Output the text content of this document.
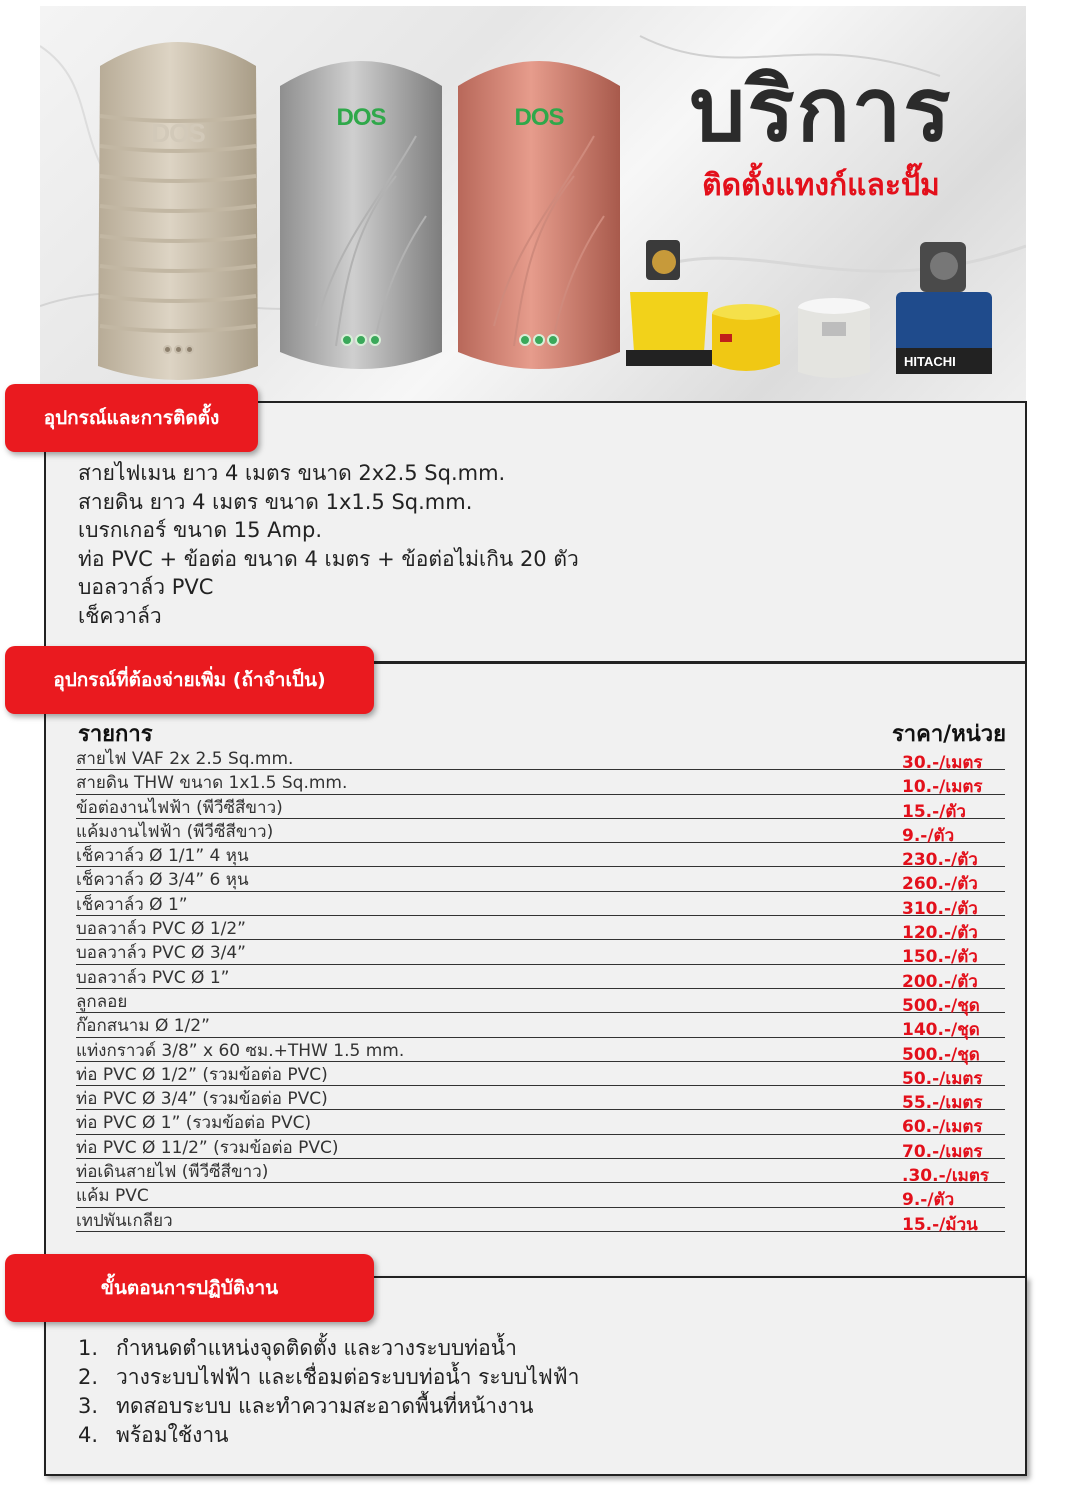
DOS
DOS	DOS	บริการ
ติดตั้งแทงก์และปั๊ม
HITACHI
สายไฟเมน ยาว 4 เมตร ขนาด 2x2.5 Sq.mm.
สายดิน ยาว 4 เมตร ขนาด 1x1.5 Sq.mm.
เบรกเกอร์ ขนาด 15 Amp.
ท่อ PVC + ข้อต่อ ขนาด 4 เมตร + ข้อต่อไม่เกิน 20 ตัว
บอลวาล์ว PVC
เช็ควาล์ว
อุปกรณ์และการติดตั้ง
รายการ	ราคา/หน่วย
สายไฟ VAF 2x 2.5 Sq.mm.	30.-/เมตร
สายดิน THW ขนาด 1x1.5 Sq.mm.	10.-/เมตร
ข้อต่องานไฟฟ้า (พีวีซีสีขาว)	15.-/ตัว
แค้มงานไฟฟ้า (พีวีซีสีขาว)	9.-/ตัว
เช็ควาล์ว Ø 1/1” 4 หุน	230.-/ตัว
เช็ควาล์ว Ø 3/4” 6 หุน	260.-/ตัว
เช็ควาล์ว Ø 1”	310.-/ตัว
บอลวาล์ว PVC Ø 1/2”	120.-/ตัว
บอลวาล์ว PVC Ø 3/4”	150.-/ตัว
บอลวาล์ว PVC Ø 1”	200.-/ตัว
ลูกลอย	500.-/ชุด
ก๊อกสนาม Ø 1/2”	140.-/ชุด
แท่งกราวด์ 3/8” x 60 ซม.+THW 1.5 mm.	500.-/ชุด
ท่อ PVC Ø 1/2” (รวมข้อต่อ PVC)	50.-/เมตร
ท่อ PVC Ø 3/4” (รวมข้อต่อ PVC)	55.-/เมตร
ท่อ PVC Ø 1” (รวมข้อต่อ PVC)	60.-/เมตร
ท่อ PVC Ø 11/2” (รวมข้อต่อ PVC)	70.-/เมตร
ท่อเดินสายไฟ (พีวีซีสีขาว)	.30.-/เมตร
แค้ม PVC	9.-/ตัว
เทปพันเกลียว	15.-/ม้วน
อุปกรณ์ที่ต้องจ่ายเพิ่ม (ถ้าจำเป็น)
1. กำหนดตำแหน่งจุดติดตั้ง และวางระบบท่อน้ำ
2. วางระบบไฟฟ้า และเชื่อมต่อระบบท่อน้ำ ระบบไฟฟ้า
3. ทดสอบระบบ และทำความสะอาดพื้นที่หน้างาน
4. พร้อมใช้งาน
ขั้นตอนการปฏิบัติงาน
